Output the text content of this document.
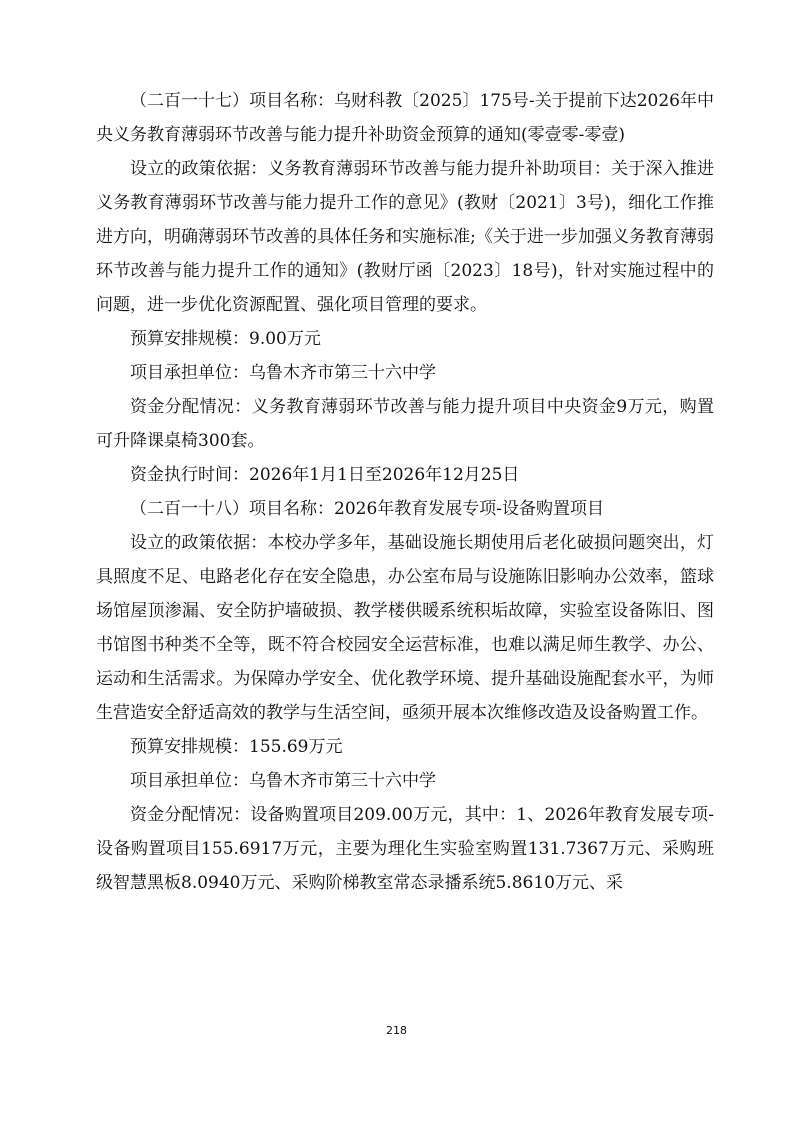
（二百一十七）项目名称：乌财科教〔2025〕175号-关于提前下达2026年中央义务教育薄弱环节改善与能力提升补助资金预算的通知(零壹零-零壹)

设立的政策依据：义务教育薄弱环节改善与能力提升补助项目：关于深入推进义务教育薄弱环节改善与能力提升工作的意见》(教财〔2021〕3号)，细化工作推进方向，明确薄弱环节改善的具体任务和实施标准;《关于进一步加强义务教育薄弱环节改善与能力提升工作的通知》(教财厅函〔2023〕18号)，针对实施过程中的问题，进一步优化资源配置、强化项目管理的要求。

预算安排规模：9.00万元

项目承担单位：乌鲁木齐市第三十六中学

资金分配情况：义务教育薄弱环节改善与能力提升项目中央资金9万元，购置可升降课桌椅300套。

资金执行时间：2026年1月1日至2026年12月25日

（二百一十八）项目名称：2026年教育发展专项-设备购置项目

设立的政策依据：本校办学多年，基础设施长期使用后老化破损问题突出，灯具照度不足、电路老化存在安全隐患，办公室布局与设施陈旧影响办公效率，篮球场馆屋顶渗漏、安全防护墙破损、教学楼供暖系统积垢故障，实验室设备陈旧、图书馆图书种类不全等，既不符合校园安全运营标准，也难以满足师生教学、办公、运动和生活需求。为保障办学安全、优化教学环境、提升基础设施配套水平，为师生营造安全舒适高效的教学与生活空间，亟须开展本次维修改造及设备购置工作。

预算安排规模：155.69万元

项目承担单位：乌鲁木齐市第三十六中学

资金分配情况：设备购置项目209.00万元，其中：1、2026年教育发展专项-设备购置项目155.6917万元，主要为理化生实验室购置131.7367万元、采购班级智慧黑板8.0940万元、采购阶梯教室常态录播系统5.8610万元、采

218
